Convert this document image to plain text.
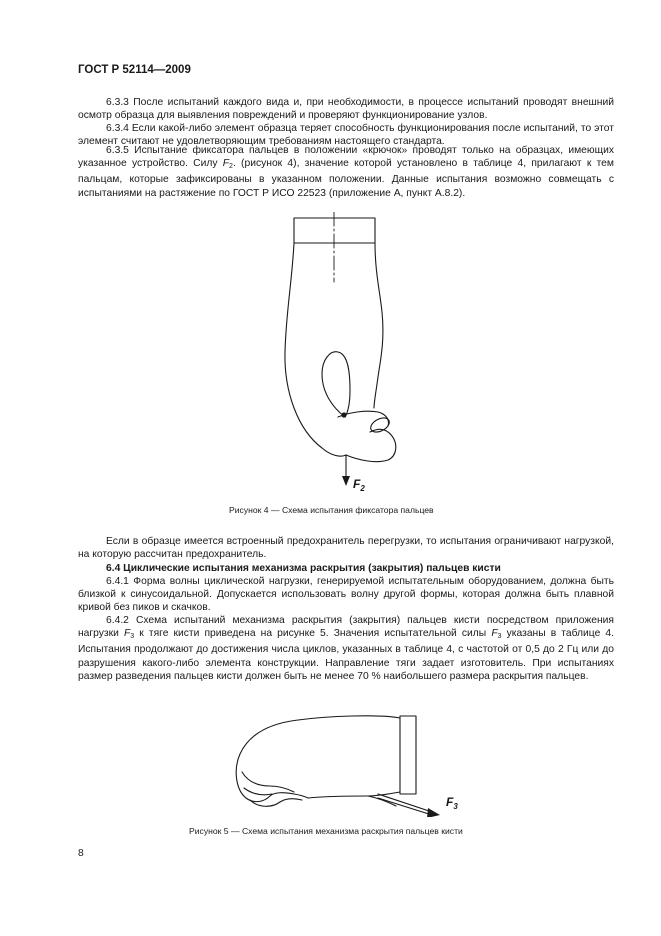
ГОСТ Р 52114—2009

6.3.3 После испытаний каждого вида и, при необходимости, в процессе испытаний проводят внешний осмотр образца для выявления повреждений и проверяют функционирование узлов.

6.3.4 Если какой-либо элемент образца теряет способность функционирования после испытаний, то этот элемент считают не удовлетворяющим требованиям настоящего стандарта.

6.3.5 Испытание фиксатора пальцев в положении «крючок» проводят только на образцах, имеющих указанное устройство. Силу $F_2$. (рисунок 4), значение которой установлено в таблице 4, прилагают к тем пальцам, которые зафиксированы в указанном положении. Данные испытания возможно совмещать с испытаниями на растяжение по ГОСТ Р ИСО 22523 (приложение А, пункт А.8.2).

$F_2$
Рисунок 4 — Схема испытания фиксатора пальцев

Если в образце имеется встроенный предохранитель перегрузки, то испытания ограничивают нагрузкой, на которую рассчитан предохранитель.

6.4 Циклические испытания механизма раскрытия (закрытия) пальцев кисти

6.4.1 Форма волны циклической нагрузки, генерируемой испытательным оборудованием, должна быть близкой к синусоидальной. Допускается использовать волну другой формы, которая должна быть плавной кривой без пиков и скачков.

6.4.2 Схема испытаний механизма раскрытия (закрытия) пальцев кисти посредством приложения нагрузки $F_3$ к тяге кисти приведена на рисунке 5. Значения испытательной силы $F_3$ указаны в таблице 4. Испытания продолжают до достижения числа циклов, указанных в таблице 4, с частотой от 0,5 до 2 Гц или до разрушения какого-либо элемента конструкции. Направление тяги задает изготовитель. При испытаниях размер разведения пальцев кисти должен быть не менее 70 % наибольшего размера раскрытия пальцев.

$F_3$
Рисунок 5 — Схема испытания механизма раскрытия пальцев кисти
8
